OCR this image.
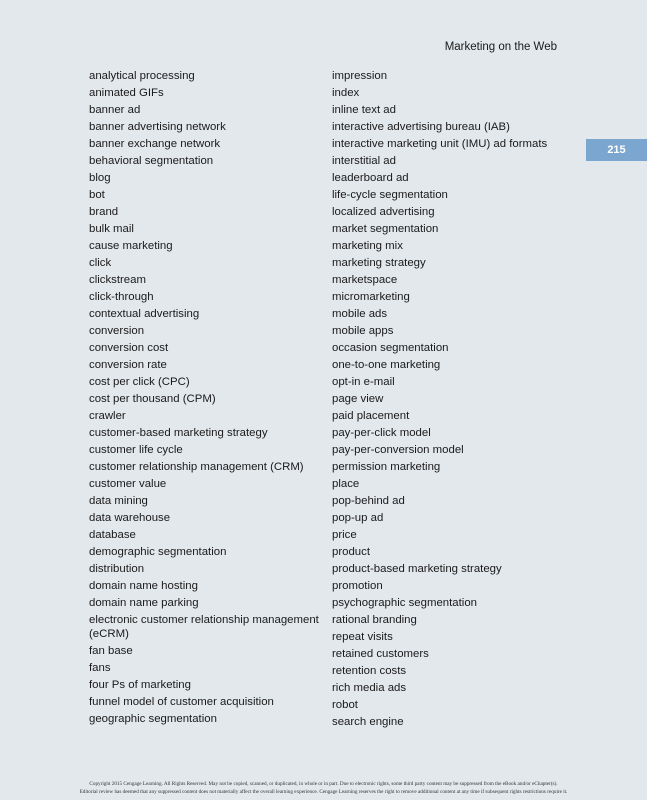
Marketing on the Web
215
analytical processing
animated GIFs
banner ad
banner advertising network
banner exchange network
behavioral segmentation
blog
bot
brand
bulk mail
cause marketing
click
clickstream
click-through
contextual advertising
conversion
conversion cost
conversion rate
cost per click (CPC)
cost per thousand (CPM)
crawler
customer-based marketing strategy
customer life cycle
customer relationship management (CRM)
customer value
data mining
data warehouse
database
demographic segmentation
distribution
domain name hosting
domain name parking
electronic customer relationship management (eCRM)
fan base
fans
four Ps of marketing
funnel model of customer acquisition
geographic segmentation
impression
index
inline text ad
interactive advertising bureau (IAB)
interactive marketing unit (IMU) ad formats
interstitial ad
leaderboard ad
life-cycle segmentation
localized advertising
market segmentation
marketing mix
marketing strategy
marketspace
micromarketing
mobile ads
mobile apps
occasion segmentation
one-to-one marketing
opt-in e-mail
page view
paid placement
pay-per-click model
pay-per-conversion model
permission marketing
place
pop-behind ad
pop-up ad
price
product
product-based marketing strategy
promotion
psychographic segmentation
rational branding
repeat visits
retained customers
retention costs
rich media ads
robot
search engine
Copyright 2015 Cengage Learning. All Rights Reserved. May not be copied, scanned, or duplicated, in whole or in part. Due to electronic rights, some third party content may be suppressed from the eBook and/or eChapter(s).
Editorial review has deemed that any suppressed content does not materially affect the overall learning experience. Cengage Learning reserves the right to remove additional content at any time if subsequent rights restrictions require it.
